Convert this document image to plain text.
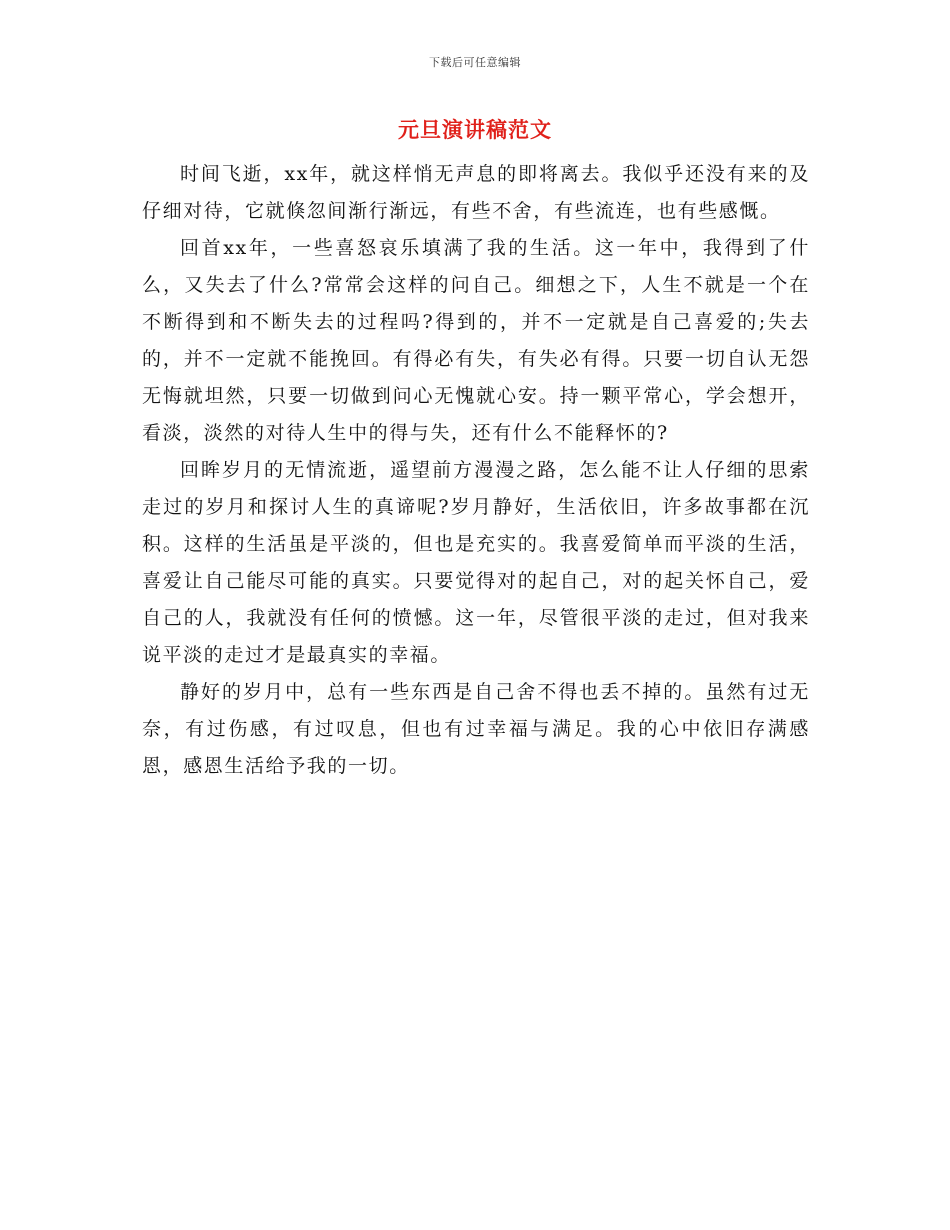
下载后可任意编辑
元旦演讲稿范文

时间飞逝，xx年，就这样悄无声息的即将离去。我似乎还没有来的及仔细对待，它就倏忽间渐行渐远，有些不舍，有些流连，也有些感慨。

回首xx年，一些喜怒哀乐填满了我的生活。这一年中，我得到了什么，又失去了什么?常常会这样的问自己。细想之下，人生不就是一个在不断得到和不断失去的过程吗?得到的，并不一定就是自己喜爱的;失去的，并不一定就不能挽回。有得必有失，有失必有得。只要一切自认无怨无悔就坦然，只要一切做到问心无愧就心安。持一颗平常心，学会想开，看淡，淡然的对待人生中的得与失，还有什么不能释怀的?

回眸岁月的无情流逝，遥望前方漫漫之路，怎么能不让人仔细的思索走过的岁月和探讨人生的真谛呢?岁月静好，生活依旧，许多故事都在沉积。这样的生活虽是平淡的，但也是充实的。我喜爱简单而平淡的生活，喜爱让自己能尽可能的真实。只要觉得对的起自己，对的起关怀自己，爱自己的人，我就没有任何的愤憾。这一年，尽管很平淡的走过，但对我来说平淡的走过才是最真实的幸福。

静好的岁月中，总有一些东西是自己舍不得也丢不掉的。虽然有过无奈，有过伤感，有过叹息，但也有过幸福与满足。我的心中依旧存满感恩，感恩生活给予我的一切。
